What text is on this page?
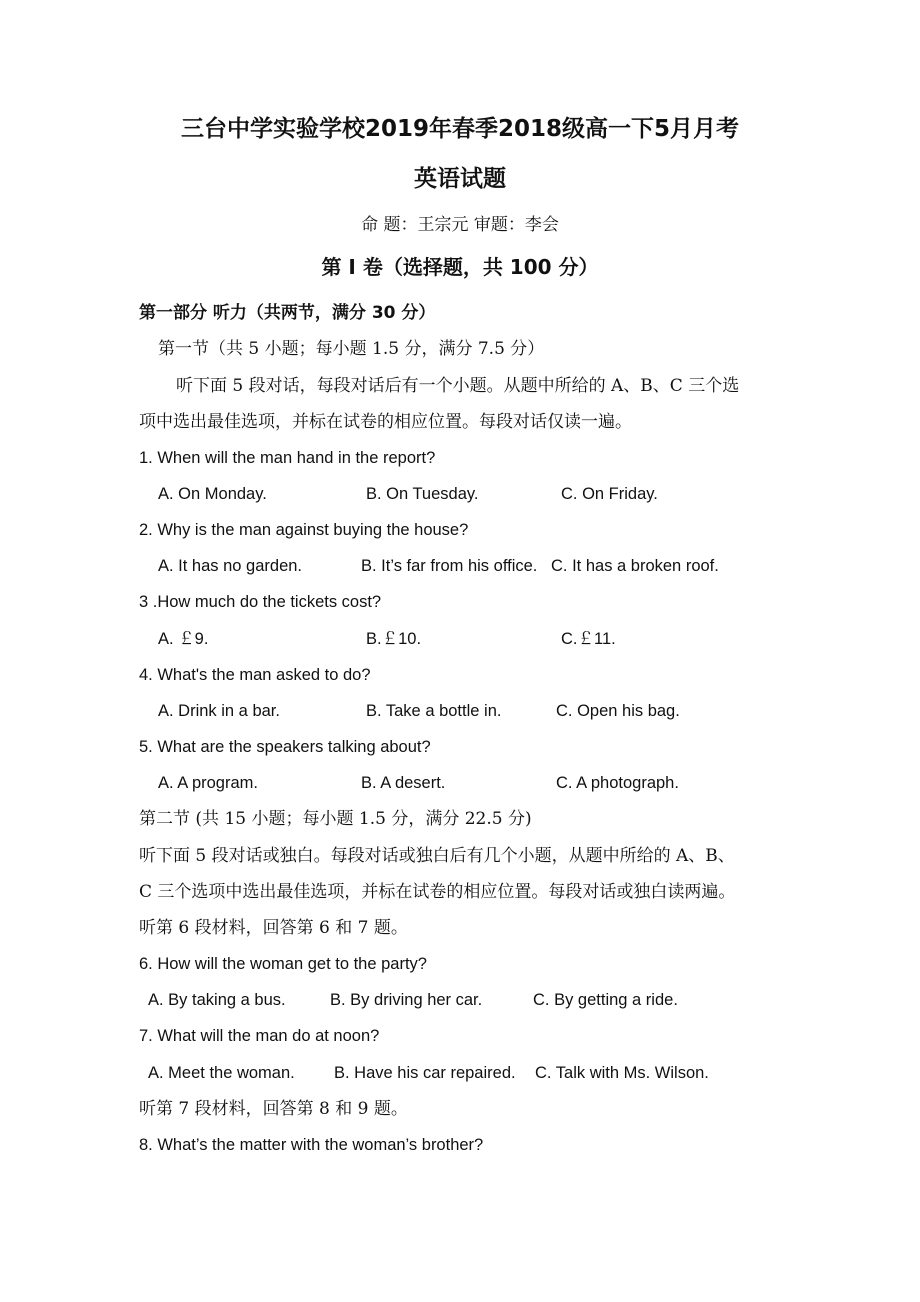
三台中学实验学校2019年春季2018级高一下5月月考
英语试题
命 题：王宗元 审题：李会
第 I 卷（选择题，共 100 分）
第一部分 听力（共两节，满分 30 分）
第一节（共 5 小题；每小题 1.5 分，满分 7.5 分）
听下面 5 段对话，每段对话后有一个小题。从题中所给的 A、B、C 三个选
项中选出最佳选项，并标在试卷的相应位置。每段对话仅读一遍。
1. When will the man hand in the report?
A. On Monday.	B. On Tuesday.	C. On Friday.
2. Why is the man against buying the house?
A. It has no garden.	B. It’s far from his office. C. It has a broken roof.
3 .How much do the tickets cost?
A. ￡9.	B.￡10.	C.￡11.
4. What's the man asked to do?
A. Drink in a bar.	B. Take a bottle in.	C. Open his bag.
5. What are the speakers talking about?
A. A program.	B. A desert.	C. A photograph.
第二节 (共 15 小题；每小题 1.5 分，满分 22.5 分)
听下面 5 段对话或独白。每段对话或独白后有几个小题，从题中所给的 A、B、
C 三个选项中选出最佳选项，并标在试卷的相应位置。每段对话或独白读两遍。
听第 6 段材料，回答第 6 和 7 题。
6. How will the woman get to the party?
A. By taking a bus.	B. By driving her car.	C. By getting a ride.
7. What will the man do at noon?
A. Meet the woman. B. Have his car repaired. C. Talk with Ms. Wilson.
听第 7 段材料，回答第 8 和 9 题。
8. What’s the matter with the woman’s brother?
